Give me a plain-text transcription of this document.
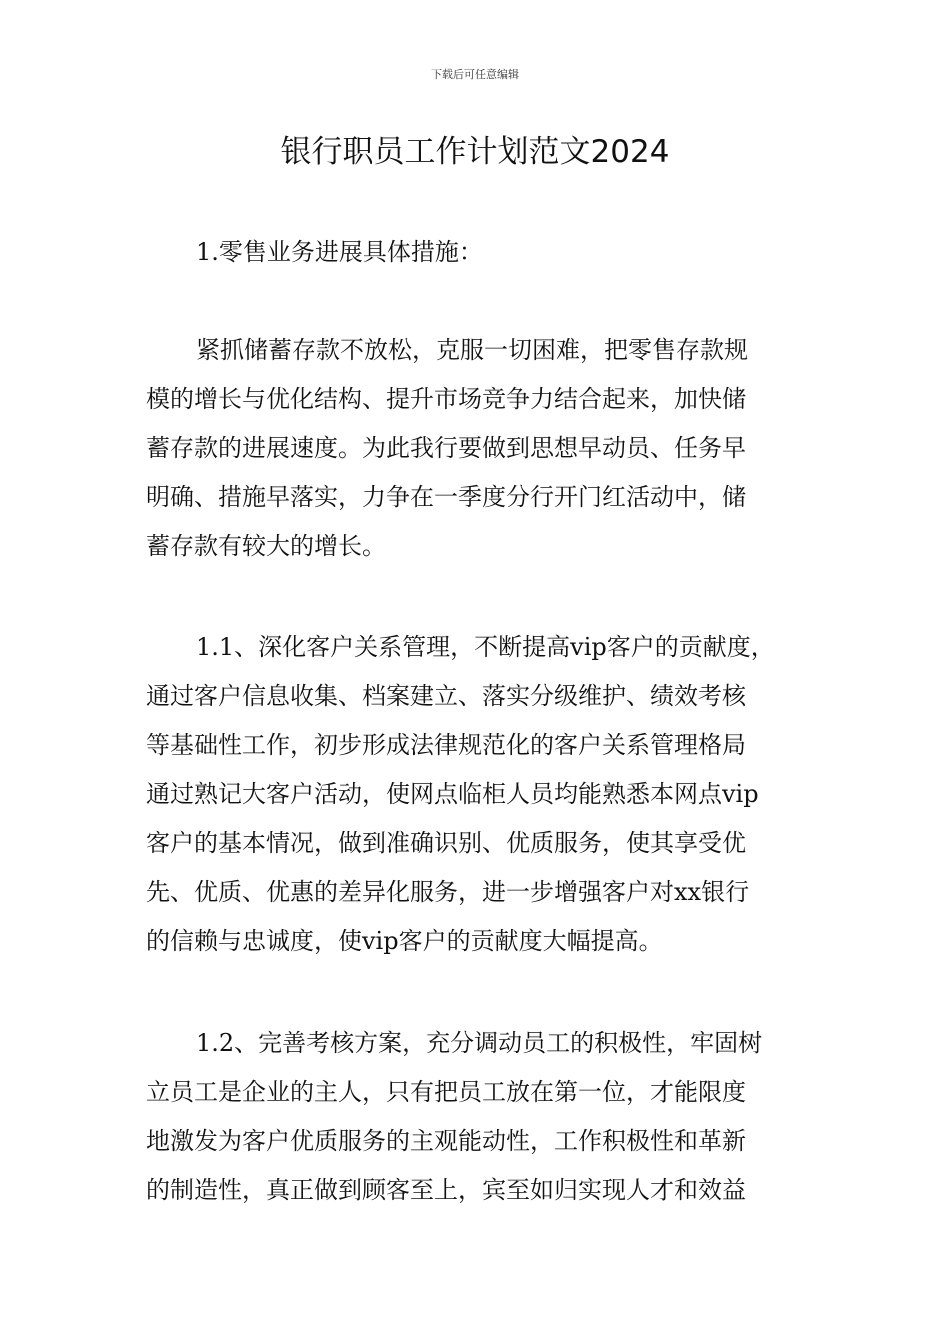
下载后可任意编辑
银行职员工作计划范文2024
1.零售业务进展具体措施：
紧抓储蓄存款不放松，克服一切困难，把零售存款规
模的增长与优化结构、提升市场竞争力结合起来，加快储
蓄存款的进展速度。为此我行要做到思想早动员、任务早
明确、措施早落实，力争在一季度分行开门红活动中，储
蓄存款有较大的增长。
1.1、深化客户关系管理，不断提高vip客户的贡献度，
通过客户信息收集、档案建立、落实分级维护、绩效考核
等基础性工作，初步形成法律规范化的客户关系管理格局
通过熟记大客户活动，使网点临柜人员均能熟悉本网点vip
客户的基本情况，做到准确识别、优质服务，使其享受优
先、优质、优惠的差异化服务，进一步增强客户对xx银行
的信赖与忠诚度，使vip客户的贡献度大幅提高。
1.2、完善考核方案，充分调动员工的积极性，牢固树
立员工是企业的主人，只有把员工放在第一位，才能限度
地激发为客户优质服务的主观能动性，工作积极性和革新
的制造性，真正做到顾客至上，宾至如归实现人才和效益
